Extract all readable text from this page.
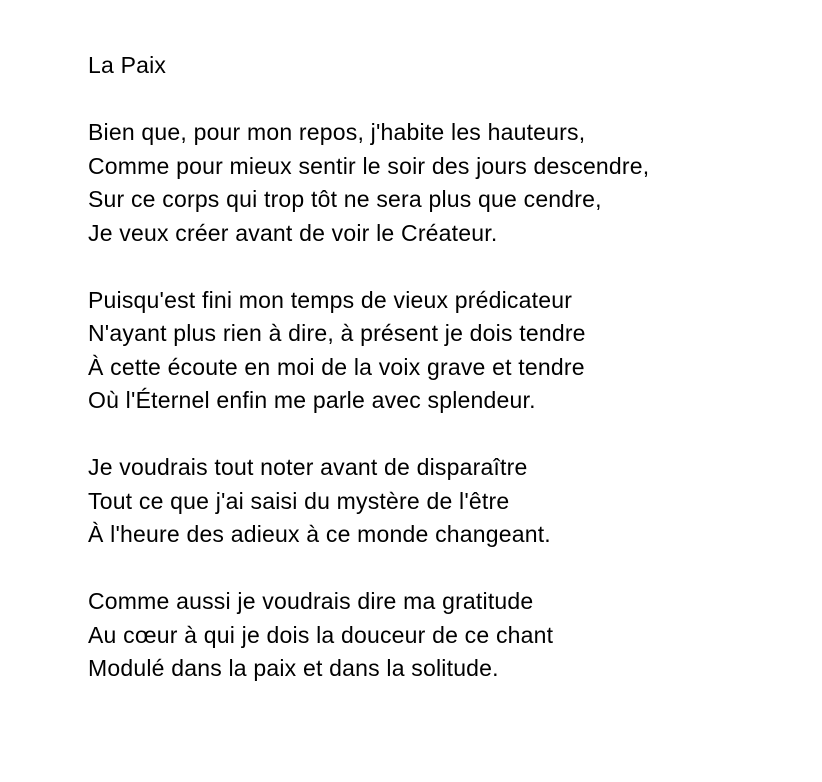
La Paix
Bien que, pour mon repos, j'habite les hauteurs,
Comme pour mieux sentir le soir des jours descendre,
Sur ce corps qui trop tôt ne sera plus que cendre,
Je veux créer avant de voir le Créateur.
Puisqu'est fini mon temps de vieux prédicateur
N'ayant plus rien à dire, à présent je dois tendre
À cette écoute en moi de la voix grave et tendre
Où l'Éternel enfin me parle avec splendeur.
Je voudrais tout noter avant de disparaître
Tout ce que j'ai saisi du mystère de l'être
À l'heure des adieux à ce monde changeant.
Comme aussi je voudrais dire ma gratitude
Au cœur à qui je dois la douceur de ce chant
Modulé dans la paix et dans la solitude.
